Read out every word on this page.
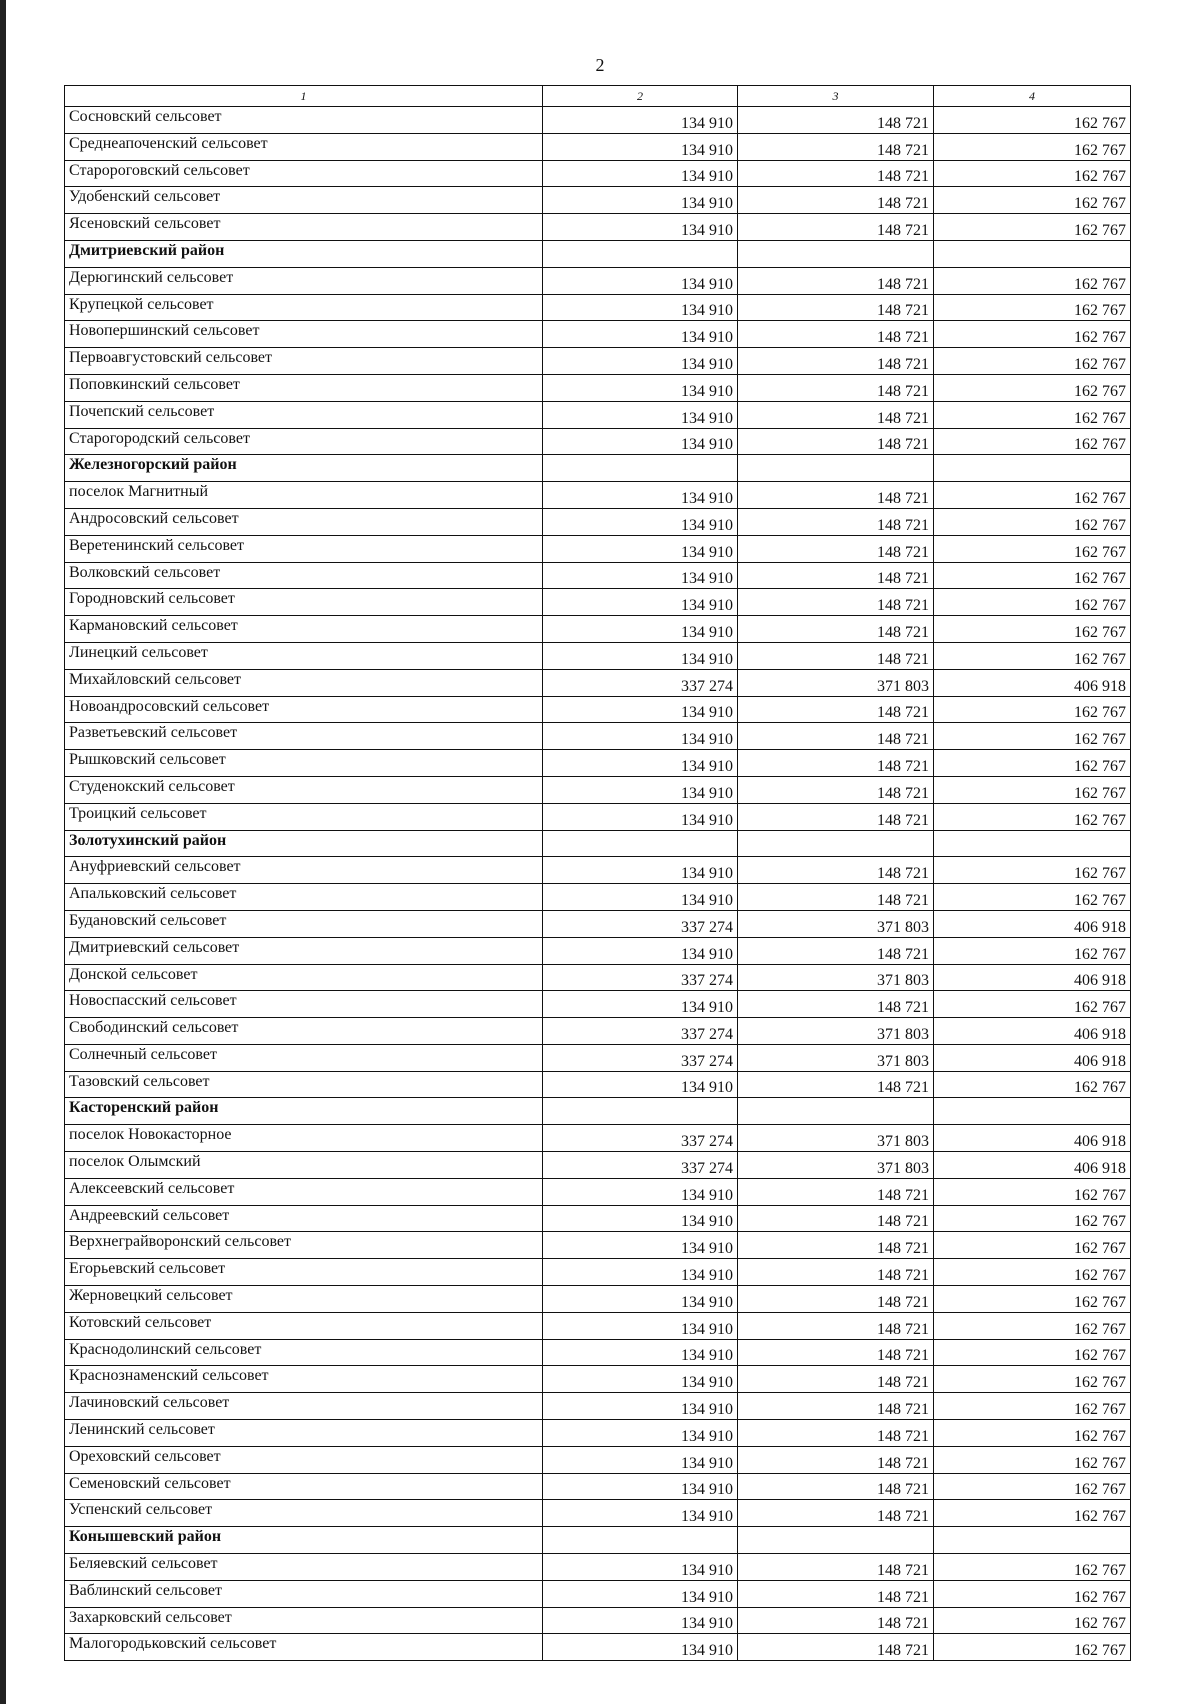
2
1	2	3	4
Сосновский сельсовет	134 910	148 721	162 767
Среднеапоченский сельсовет	134 910	148 721	162 767
Старороговский сельсовет	134 910	148 721	162 767
Удобенский сельсовет	134 910	148 721	162 767
Ясеновский сельсовет	134 910	148 721	162 767
Дмитриевский район			
Дерюгинский сельсовет	134 910	148 721	162 767
Крупецкой сельсовет	134 910	148 721	162 767
Новопершинский сельсовет	134 910	148 721	162 767
Первоавгустовский сельсовет	134 910	148 721	162 767
Поповкинский сельсовет	134 910	148 721	162 767
Почепский сельсовет	134 910	148 721	162 767
Старогородский сельсовет	134 910	148 721	162 767
Железногорский район			
поселок Магнитный	134 910	148 721	162 767
Андросовский сельсовет	134 910	148 721	162 767
Веретенинский сельсовет	134 910	148 721	162 767
Волковский сельсовет	134 910	148 721	162 767
Городновский сельсовет	134 910	148 721	162 767
Кармановский сельсовет	134 910	148 721	162 767
Линецкий сельсовет	134 910	148 721	162 767
Михайловский сельсовет	337 274	371 803	406 918
Новоандросовский сельсовет	134 910	148 721	162 767
Разветьевский сельсовет	134 910	148 721	162 767
Рышковский сельсовет	134 910	148 721	162 767
Студенокский сельсовет	134 910	148 721	162 767
Троицкий сельсовет	134 910	148 721	162 767
Золотухинский район			
Ануфриевский сельсовет	134 910	148 721	162 767
Апальковский сельсовет	134 910	148 721	162 767
Будановский сельсовет	337 274	371 803	406 918
Дмитриевский сельсовет	134 910	148 721	162 767
Донской сельсовет	337 274	371 803	406 918
Новоспасский сельсовет	134 910	148 721	162 767
Свободинский сельсовет	337 274	371 803	406 918
Солнечный сельсовет	337 274	371 803	406 918
Тазовский сельсовет	134 910	148 721	162 767
Касторенский район			
поселок Новокасторное	337 274	371 803	406 918
поселок Олымский	337 274	371 803	406 918
Алексеевский сельсовет	134 910	148 721	162 767
Андреевский сельсовет	134 910	148 721	162 767
Верхнеграйворонский сельсовет	134 910	148 721	162 767
Егорьевский сельсовет	134 910	148 721	162 767
Жерновецкий сельсовет	134 910	148 721	162 767
Котовский сельсовет	134 910	148 721	162 767
Краснодолинский сельсовет	134 910	148 721	162 767
Краснознаменский сельсовет	134 910	148 721	162 767
Лачиновский сельсовет	134 910	148 721	162 767
Ленинский сельсовет	134 910	148 721	162 767
Ореховский сельсовет	134 910	148 721	162 767
Семеновский сельсовет	134 910	148 721	162 767
Успенский сельсовет	134 910	148 721	162 767
Конышевский район			
Беляевский сельсовет	134 910	148 721	162 767
Ваблинский сельсовет	134 910	148 721	162 767
Захарковский сельсовет	134 910	148 721	162 767
Малогородьковский сельсовет	134 910	148 721	162 767
